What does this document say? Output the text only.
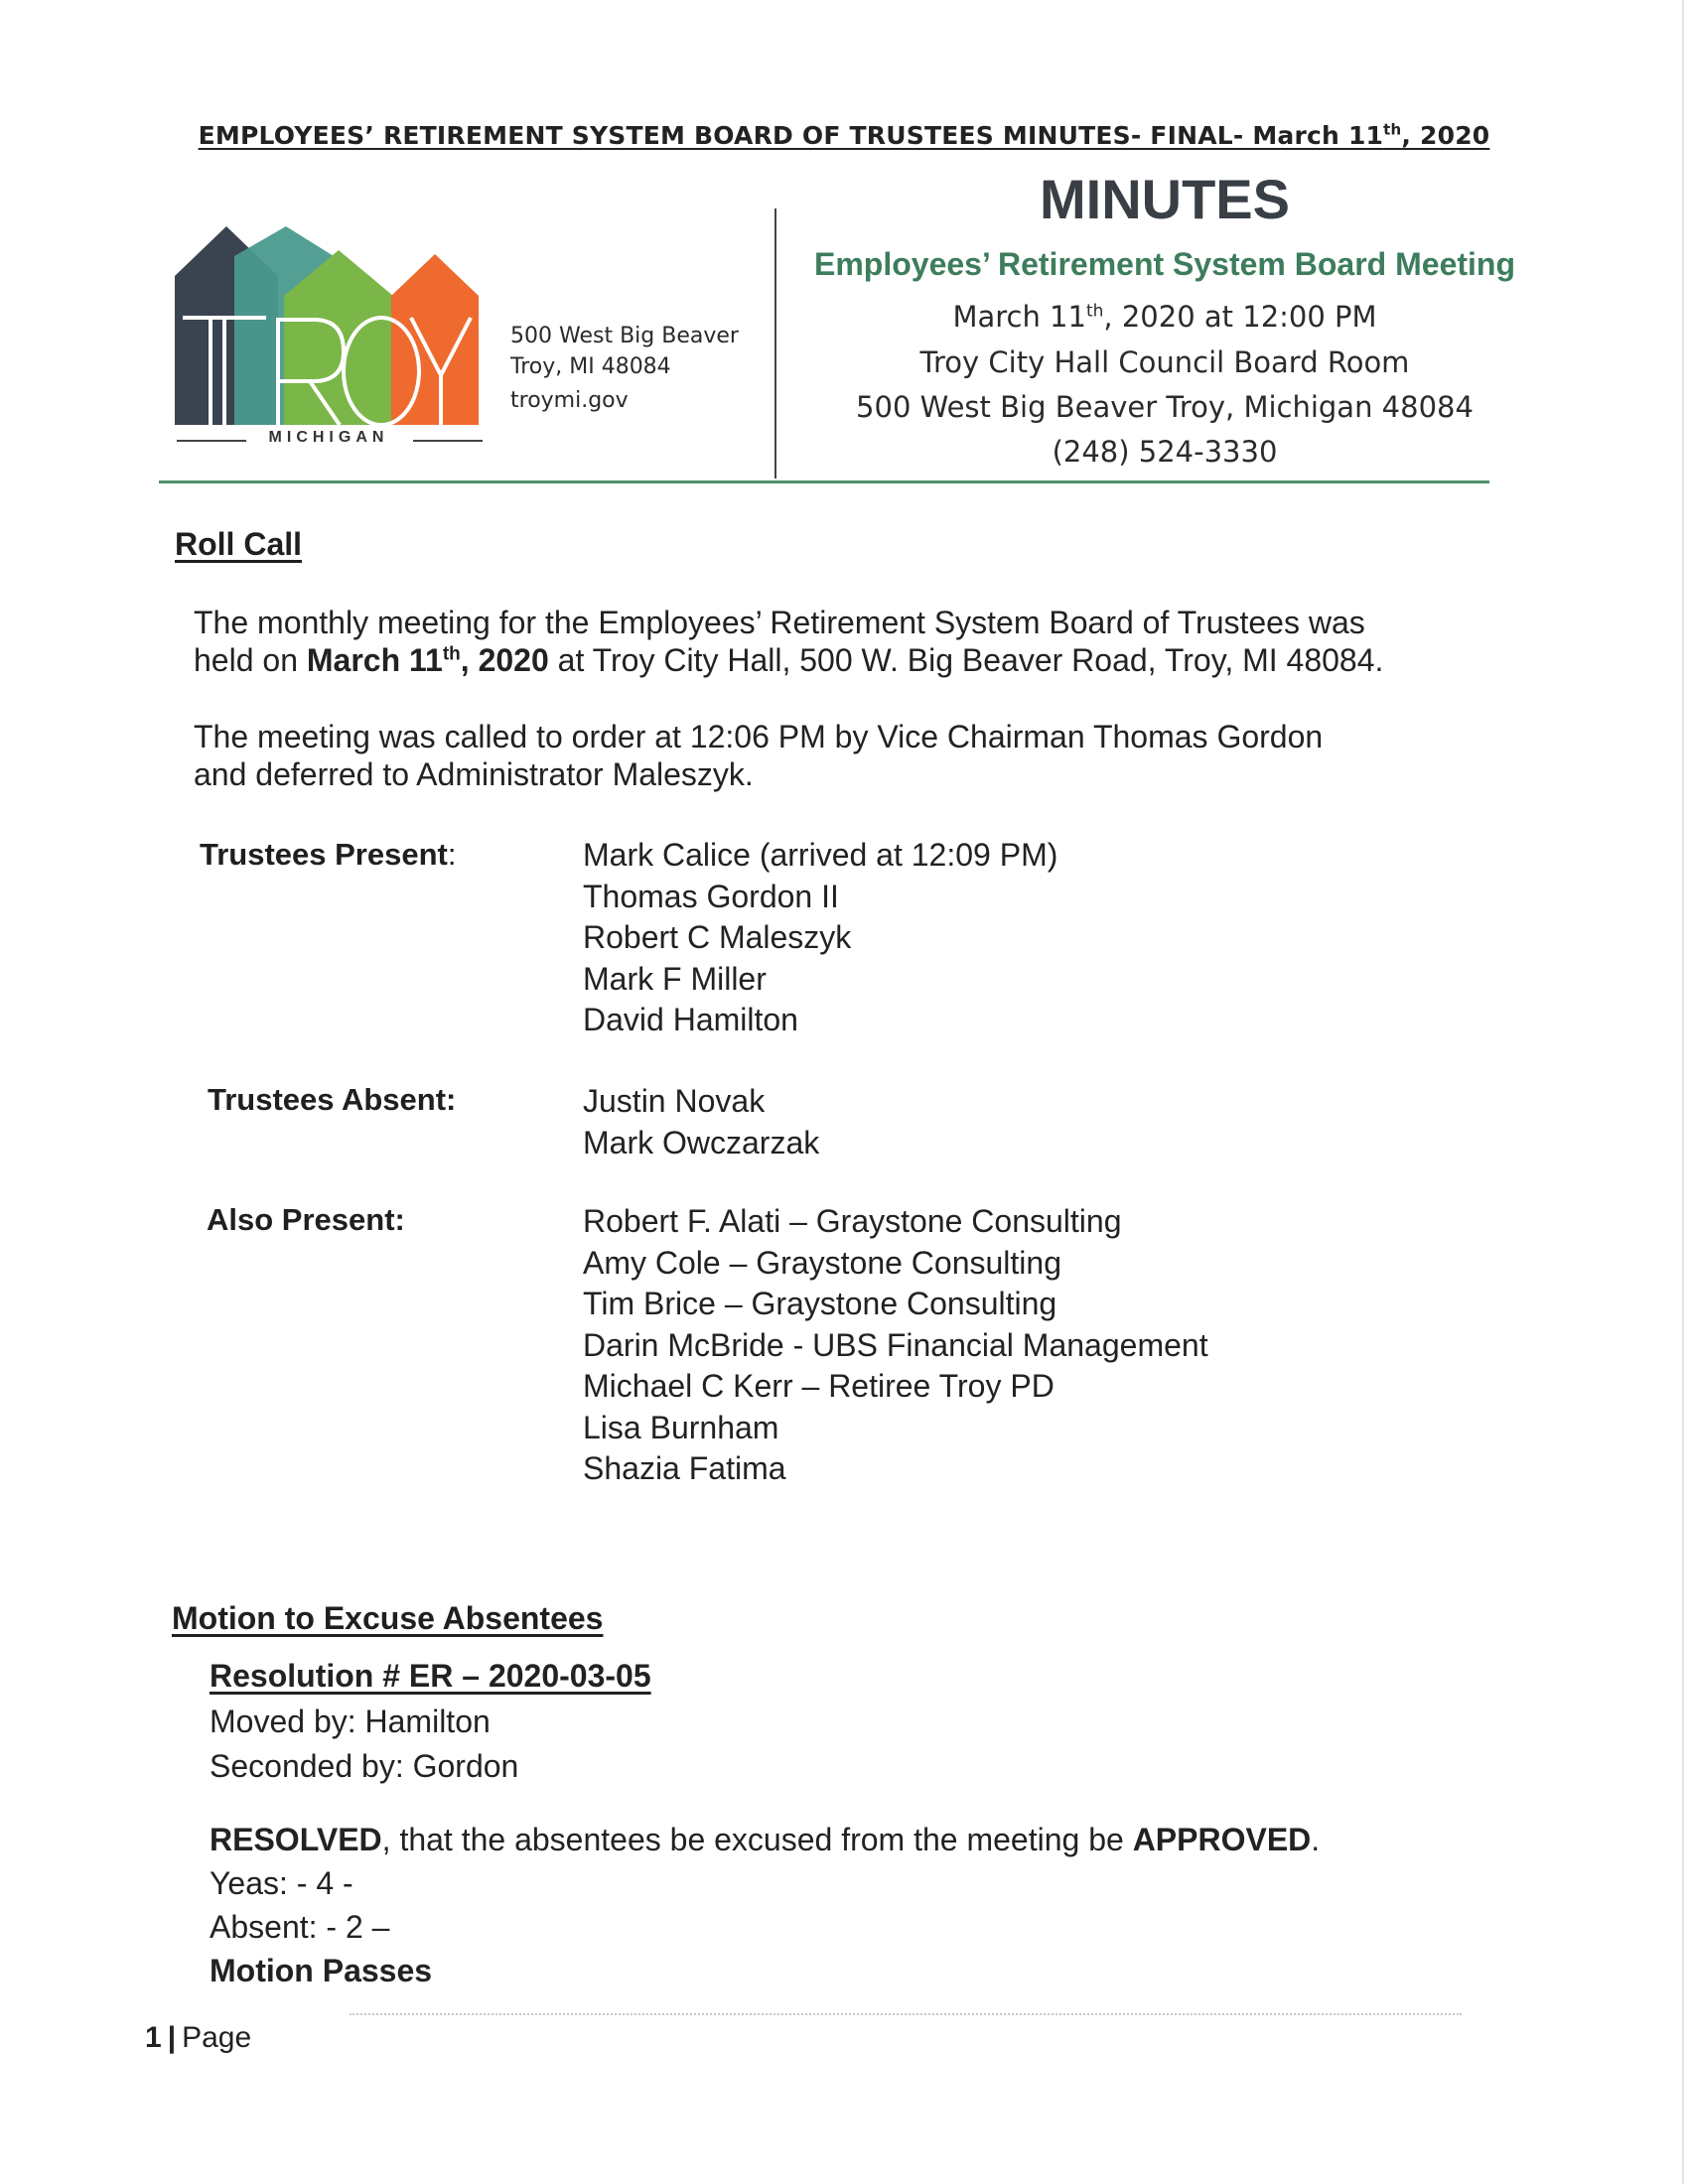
EMPLOYEES’ RETIREMENT SYSTEM BOARD OF TRUSTEES MINUTES- FINAL- March 11th, 2020
MICHIGAN
500 West Big Beaver
Troy, MI 48084
troymi.gov
MINUTES
Employees’ Retirement System Board Meeting
March 11th, 2020 at 12:00 PM
Troy City Hall Council Board Room
500 West Big Beaver Troy, Michigan 48084
(248) 524-3330
Roll Call
The monthly meeting for the Employees’ Retirement System Board of Trustees was
held on March 11th, 2020 at Troy City Hall, 500 W. Big Beaver Road, Troy, MI 48084.
The meeting was called to order at 12:06 PM by Vice Chairman Thomas Gordon
and deferred to Administrator Maleszyk.
Trustees Present:	Mark Calice (arrived at 12:09 PM)
Thomas Gordon II
Robert C Maleszyk
Mark F Miller
David Hamilton
Trustees Absent:	Justin Novak
Mark Owczarzak
Also Present:	Robert F. Alati – Graystone Consulting
Amy Cole – Graystone Consulting
Tim Brice – Graystone Consulting
Darin McBride - UBS Financial Management
Michael C Kerr – Retiree Troy PD
Lisa Burnham
Shazia Fatima
Motion to Excuse Absentees
Resolution # ER – 2020-03-05
Moved by: Hamilton
Seconded by: Gordon
RESOLVED, that the absentees be excused from the meeting be APPROVED.
Yeas: - 4 -
Absent: - 2 –
Motion Passes
1 | Page
